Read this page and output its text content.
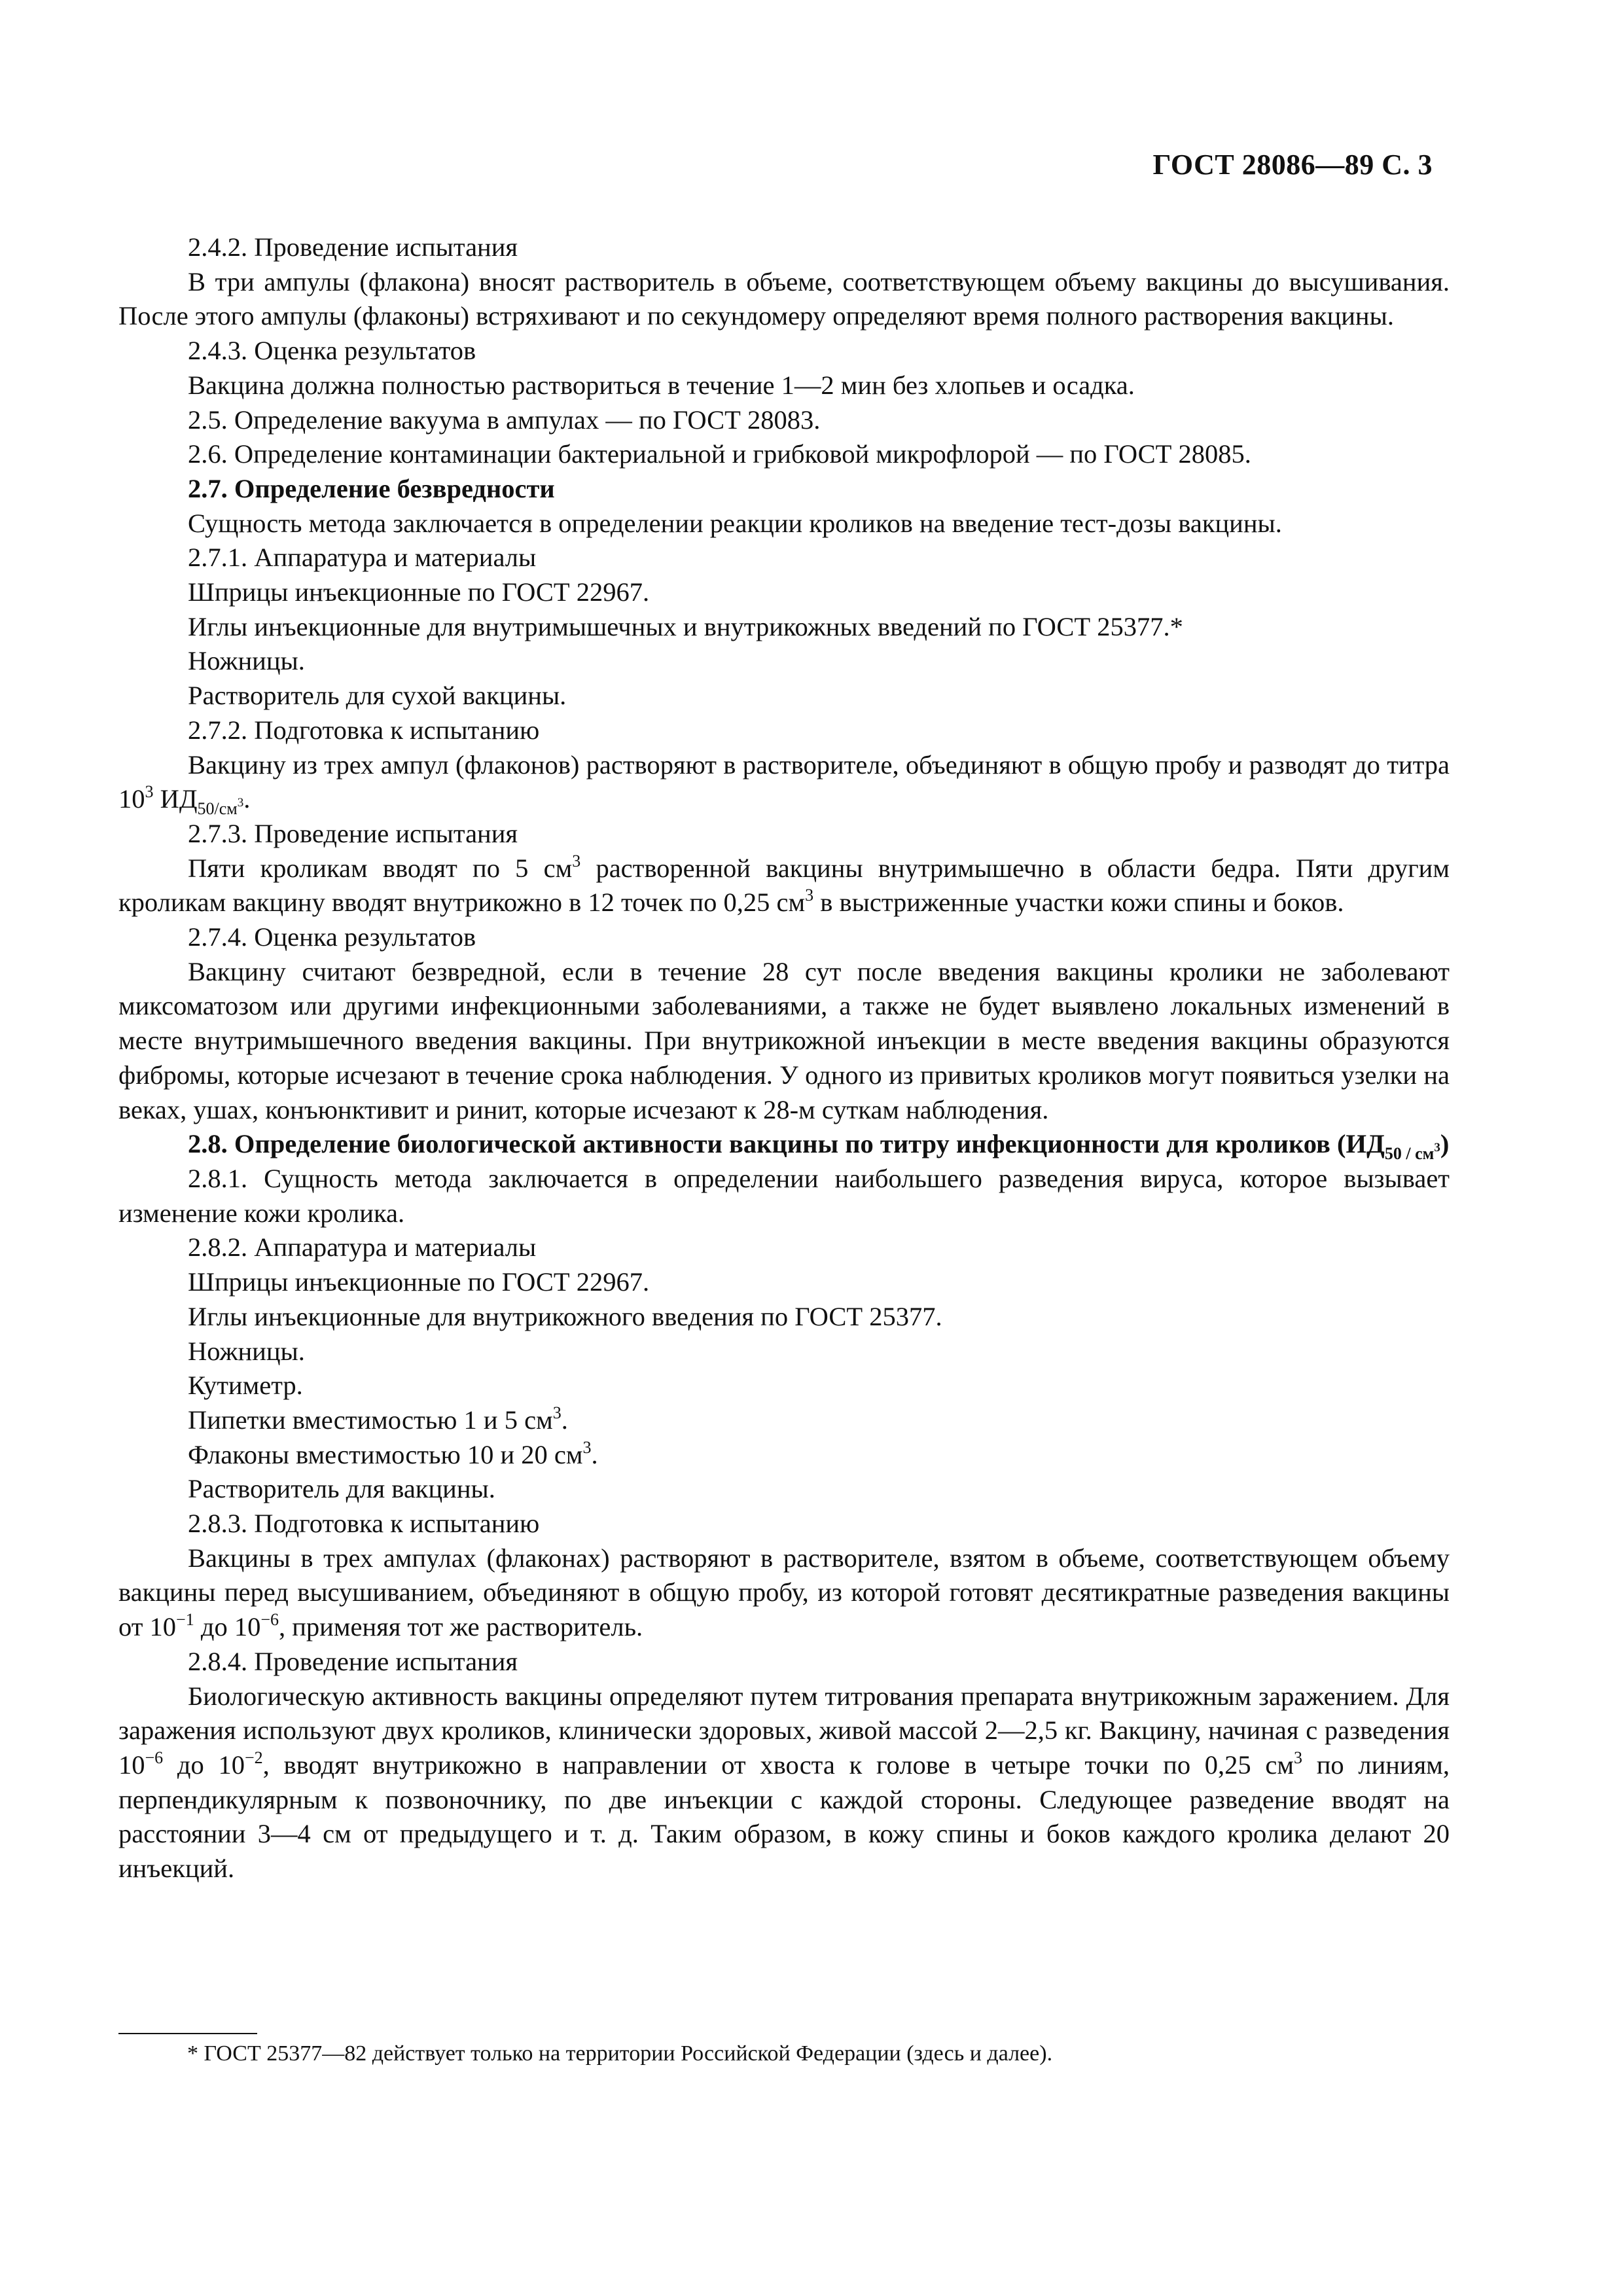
ГОСТ 28086—89 С. 3

2.4.2. Проведение испытания

В три ампулы (флакона) вносят растворитель в объеме, соответствующем объему вакцины до высушивания. После этого ампулы (флаконы) встряхивают и по секундомеру определяют время полного растворения вакцины.

2.4.3. Оценка результатов

Вакцина должна полностью раствориться в течение 1—2 мин без хлопьев и осадка.

2.5. Определение вакуума в ампулах — по ГОСТ 28083.

2.6. Определение контаминации бактериальной и грибковой микрофлорой — по ГОСТ 28085.

2.7. Определение безвредности

Сущность метода заключается в определении реакции кроликов на введение тест-дозы вакцины.

2.7.1. Аппаратура и материалы

Шприцы инъекционные по ГОСТ 22967.

Иглы инъекционные для внутримышечных и внутрикожных введений по ГОСТ 25377.*

Ножницы.

Растворитель для сухой вакцины.

2.7.2. Подготовка к испытанию

Вакцину из трех ампул (флаконов) растворяют в растворителе, объединяют в общую пробу и разводят до титра $10^3$ $ИД_{50/см^3}$.

2.7.3. Проведение испытания

Пяти кроликам вводят по 5 $см^3$ растворенной вакцины внутримышечно в области бедра. Пяти другим кроликам вакцину вводят внутрикожно в 12 точек по 0,25 $см^3$ в выстриженные участки кожи спины и боков.

2.7.4. Оценка результатов

Вакцину считают безвредной, если в течение 28 сут после введения вакцины кролики не заболевают миксоматозом или другими инфекционными заболеваниями, а также не будет выявлено локальных изменений в месте внутримышечного введения вакцины. При внутрикожной инъекции в месте введения вакцины образуются фибромы, которые исчезают в течение срока наблюдения. У одного из привитых кроликов могут появиться узелки на веках, ушах, конъюнктивит и ринит, которые исчезают к 28-м суткам наблюдения.

2.8. Определение биологической активности вакцины по титру инфекционности для кроликов $(ИД_{50 / см^3})$

2.8.1. Сущность метода заключается в определении наибольшего разведения вируса, которое вызывает изменение кожи кролика.

2.8.2. Аппаратура и материалы

Шприцы инъекционные по ГОСТ 22967.

Иглы инъекционные для внутрикожного введения по ГОСТ 25377.

Ножницы.

Кутиметр.

Пипетки вместимостью 1 и 5 $см^3$.

Флаконы вместимостью 10 и 20 $см^3$.

Растворитель для вакцины.

2.8.3. Подготовка к испытанию

Вакцины в трех ампулах (флаконах) растворяют в растворителе, взятом в объеме, соответствующем объему вакцины перед высушиванием, объединяют в общую пробу, из которой готовят десятикратные разведения вакцины от $10^{-1}$ до $10^{-6}$, применяя тот же растворитель.

2.8.4. Проведение испытания

Биологическую активность вакцины определяют путем титрования препарата внутрикожным заражением. Для заражения используют двух кроликов, клинически здоровых, живой массой 2—2,5 кг. Вакцину, начиная с разведения $10^{-6}$ до $10^{-2}$, вводят внутрикожно в направлении от хвоста к голове в четыре точки по 0,25 $см^3$ по линиям, перпендикулярным к позвоночнику, по две инъекции с каждой стороны. Следующее разведение вводят на расстоянии 3—4 см от предыдущего и т. д. Таким образом, в кожу спины и боков каждого кролика делают 20 инъекций.

* ГОСТ 25377—82 действует только на территории Российской Федерации (здесь и далее).
